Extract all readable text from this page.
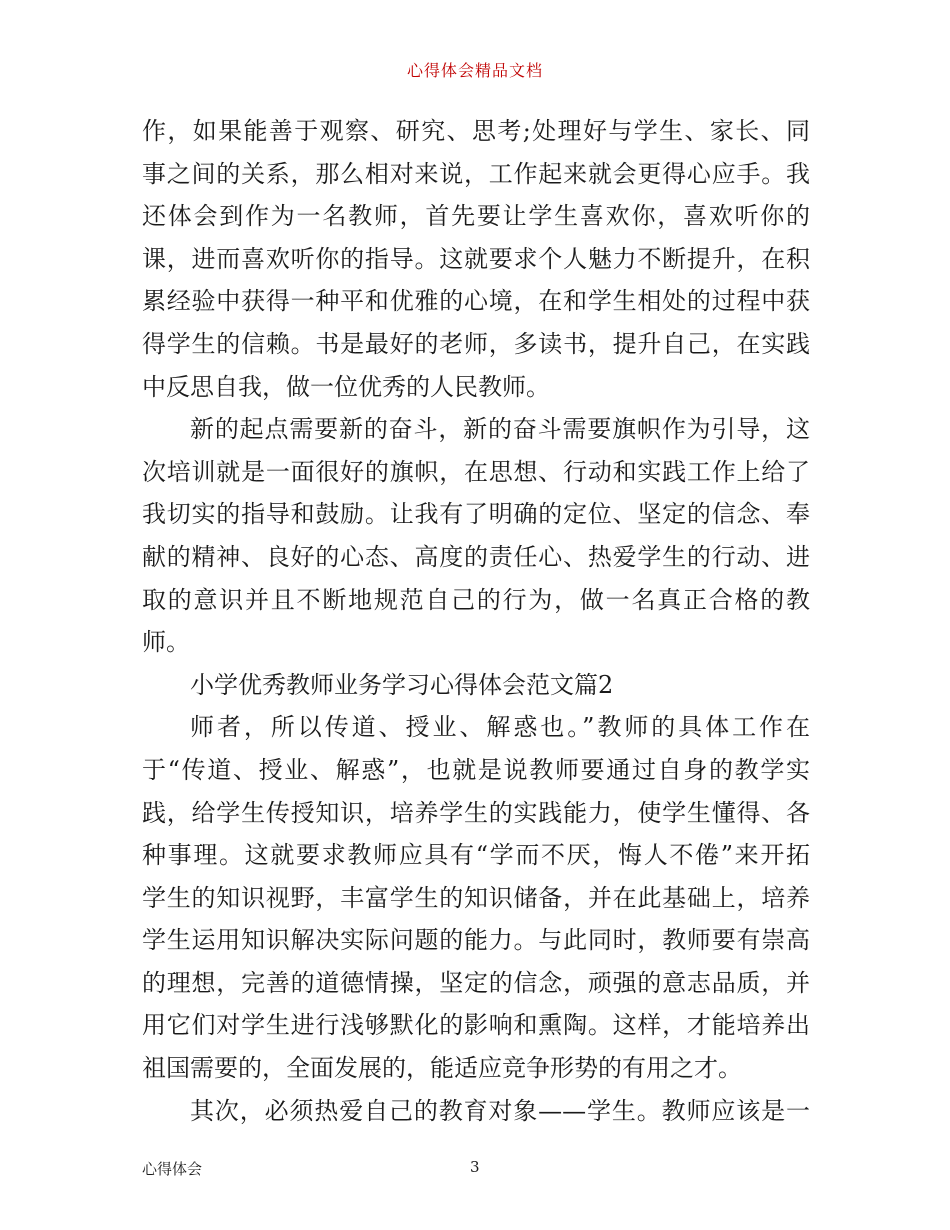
心得体会精品文档
作，如果能善于观察、研究、思考;处理好与学生、家长、同
事之间的关系，那么相对来说，工作起来就会更得心应手。我
还体会到作为一名教师，首先要让学生喜欢你，喜欢听你的
课，进而喜欢听你的指导。这就要求个人魅力不断提升，在积
累经验中获得一种平和优雅的心境，在和学生相处的过程中获
得学生的信赖。书是最好的老师，多读书，提升自己，在实践
中反思自我，做一位优秀的人民教师。
新的起点需要新的奋斗，新的奋斗需要旗帜作为引导，这
次培训就是一面很好的旗帜，在思想、行动和实践工作上给了
我切实的指导和鼓励。让我有了明确的定位、坚定的信念、奉
献的精神、良好的心态、高度的责任心、热爱学生的行动、进
取的意识并且不断地规范自己的行为，做一名真正合格的教
师。
小学优秀教师业务学习心得体会范文篇2
师者，所以传道、授业、解惑也。”教师的具体工作在
于“传道、授业、解惑”，也就是说教师要通过自身的教学实
践，给学生传授知识，培养学生的实践能力，使学生懂得、各
种事理。这就要求教师应具有“学而不厌，悔人不倦”来开拓
学生的知识视野，丰富学生的知识储备，并在此基础上，培养
学生运用知识解决实际问题的能力。与此同时，教师要有崇高
的理想，完善的道德情操，坚定的信念，顽强的意志品质，并
用它们对学生进行浅够默化的影响和熏陶。这样，才能培养出
祖国需要的，全面发展的，能适应竞争形势的有用之才。
其次，必须热爱自己的教育对象——学生。教师应该是一
心得体会	3
